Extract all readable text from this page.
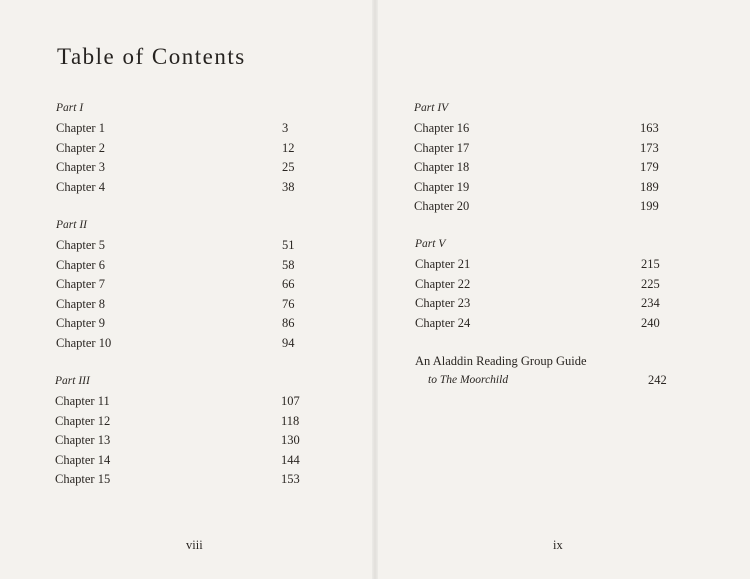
Table of Contents
Part I
Chapter 1	3
Chapter 2	12
Chapter 3	25
Chapter 4	38
Part II
Chapter 5	51
Chapter 6	58
Chapter 7	66
Chapter 8	76
Chapter 9	86
Chapter 10	94
Part III
Chapter 11	107
Chapter 12	118
Chapter 13	130
Chapter 14	144
Chapter 15	153
viii
Part IV
Chapter 16	163
Chapter 17	173
Chapter 18	179
Chapter 19	189
Chapter 20	199
Part V
Chapter 21	215
Chapter 22	225
Chapter 23	234
Chapter 24	240
An Aladdin Reading Group Guide
to The Moorchild	242
ix
